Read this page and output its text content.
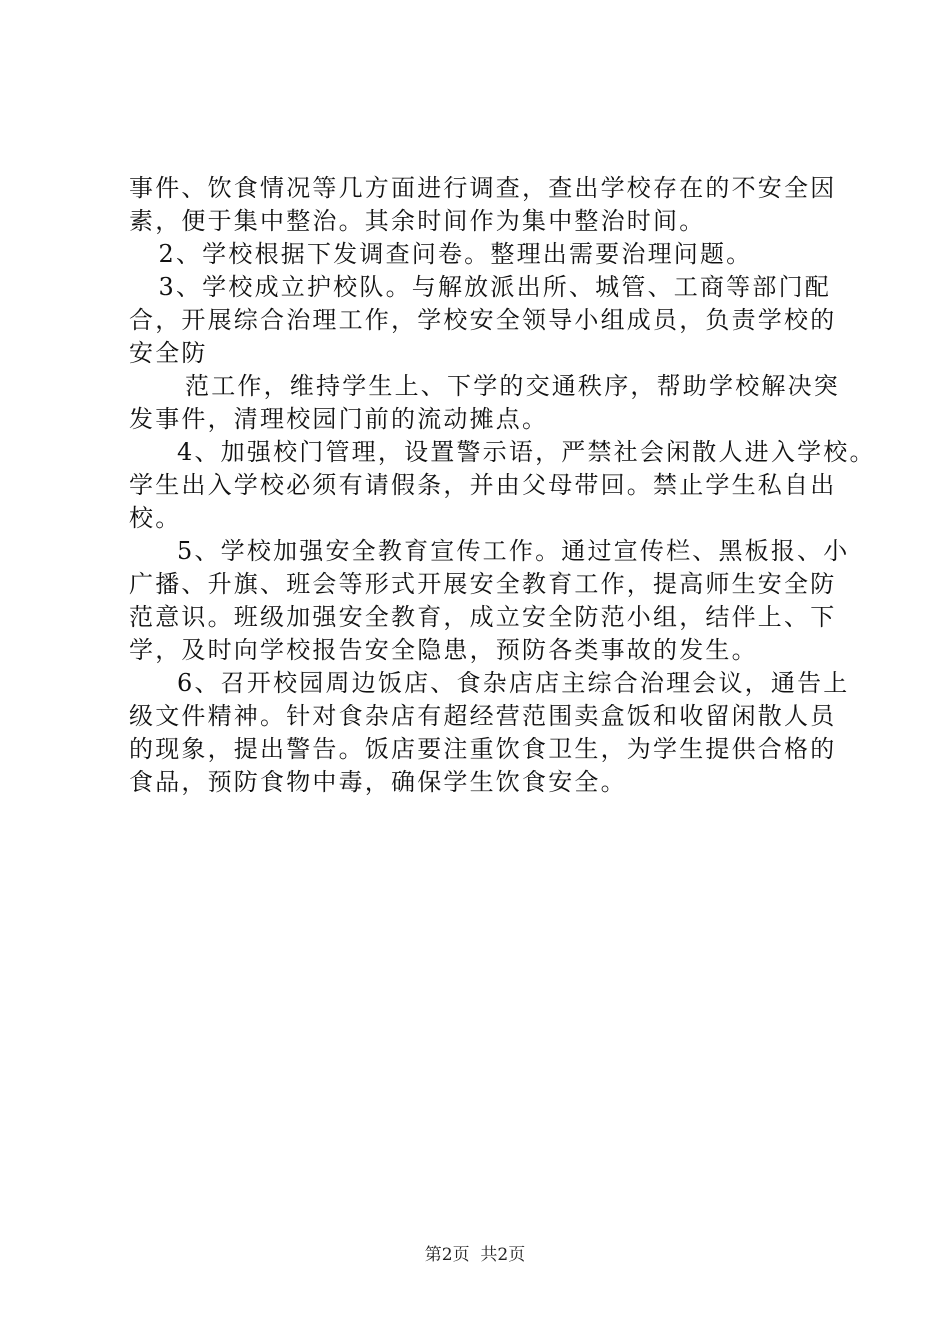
事件、饮食情况等几方面进行调查，查出学校存在的不安全因
素，便于集中整治。其余时间作为集中整治时间。
2、学校根据下发调查问卷。整理出需要治理问题。
3、学校成立护校队。与解放派出所、城管、工商等部门配
合，开展综合治理工作，学校安全领导小组成员，负责学校的
安全防
范工作，维持学生上、下学的交通秩序，帮助学校解决突
发事件，清理校园门前的流动摊点。
4、加强校门管理，设置警示语，严禁社会闲散人进入学校。
学生出入学校必须有请假条，并由父母带回。禁止学生私自出
校。
5、学校加强安全教育宣传工作。通过宣传栏、黑板报、小
广播、升旗、班会等形式开展安全教育工作，提高师生安全防
范意识。班级加强安全教育，成立安全防范小组，结伴上、下
学，及时向学校报告安全隐患，预防各类事故的发生。
6、召开校园周边饭店、食杂店店主综合治理会议，通告上
级文件精神。针对食杂店有超经营范围卖盒饭和收留闲散人员
的现象，提出警告。饭店要注重饮食卫生，为学生提供合格的
食品，预防食物中毒，确保学生饮食安全。
第2页  共2页
